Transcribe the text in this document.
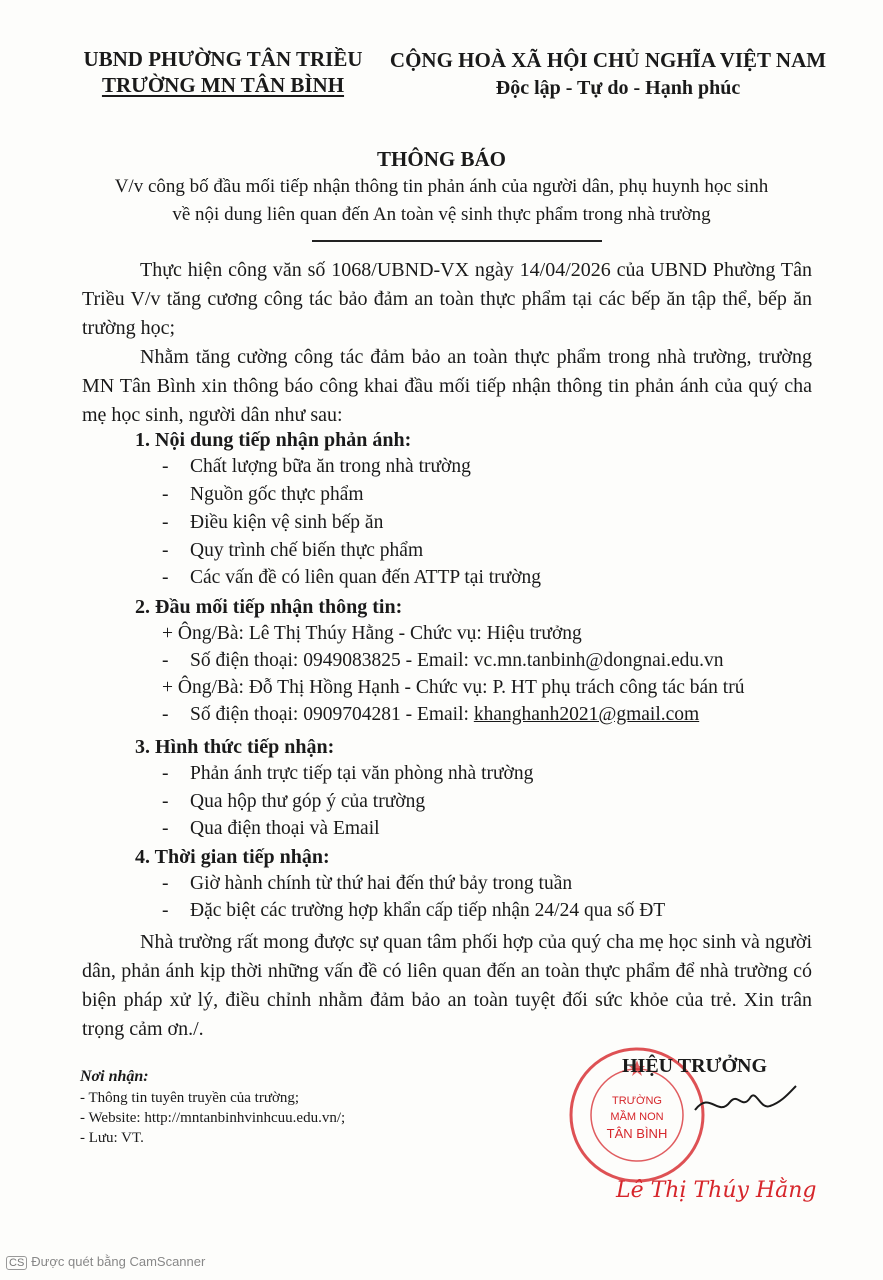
UBND PHƯỜNG TÂN TRIỀU
TRƯỜNG MN TÂN BÌNH
CỘNG HOÀ XÃ HỘI CHỦ NGHĨA VIỆT NAM
Độc lập - Tự do - Hạnh phúc
THÔNG BÁO
V/v công bố đầu mối tiếp nhận thông tin phản ánh của người dân, phụ huynh học sinh
về nội dung liên quan đến An toàn vệ sinh thực phẩm trong nhà trường
Thực hiện công văn số 1068/UBND-VX ngày 14/04/2026 của UBND Phường Tân Triều V/v tăng cương công tác bảo đảm an toàn thực phẩm tại các bếp ăn tập thể, bếp ăn trường học;
Nhằm tăng cường công tác đảm bảo an toàn thực phẩm trong nhà trường, trường MN Tân Bình xin thông báo công khai đầu mối tiếp nhận thông tin phản ánh của quý cha mẹ học sinh, người dân như sau:
1. Nội dung tiếp nhận phản ánh:
- Chất lượng bữa ăn trong nhà trường
- Nguồn gốc thực phẩm
- Điều kiện vệ sinh bếp ăn
- Quy trình chế biến thực phẩm
- Các vấn đề có liên quan đến ATTP tại trường
2. Đầu mối tiếp nhận thông tin:
+ Ông/Bà: Lê Thị Thúy Hằng - Chức vụ: Hiệu trưởng
- Số điện thoại: 0949083825 - Email: vc.mn.tanbinh@dongnai.edu.vn
+ Ông/Bà: Đỗ Thị Hồng Hạnh - Chức vụ: P. HT phụ trách công tác bán trú
- Số điện thoại: 0909704281 - Email: khanghanh2021@gmail.com
3. Hình thức tiếp nhận:
- Phản ánh trực tiếp tại văn phòng nhà trường
- Qua hộp thư góp ý của trường
- Qua điện thoại và Email
4. Thời gian tiếp nhận:
- Giờ hành chính từ thứ hai đến thứ bảy trong tuần
- Đặc biệt các trường hợp khẩn cấp tiếp nhận 24/24 qua số ĐT
Nhà trường rất mong được sự quan tâm phối hợp của quý cha mẹ học sinh và người dân, phản ánh kịp thời những vấn đề có liên quan đến an toàn thực phẩm để nhà trường có biện pháp xử lý, điều chỉnh nhằm đảm bảo an toàn tuyệt đối sức khỏe của trẻ. Xin trân trọng cảm ơn./.
Nơi nhận:
- Thông tin tuyên truyền của trường;
- Website: http://mntanbinhvinhcuu.edu.vn/;
- Lưu: VT.
TRƯỜNG
MẦM NON
TÂN BÌNH
HIỆU TRƯỞNG
Lê Thị Thúy Hằng
CS Được quét bằng CamScanner
